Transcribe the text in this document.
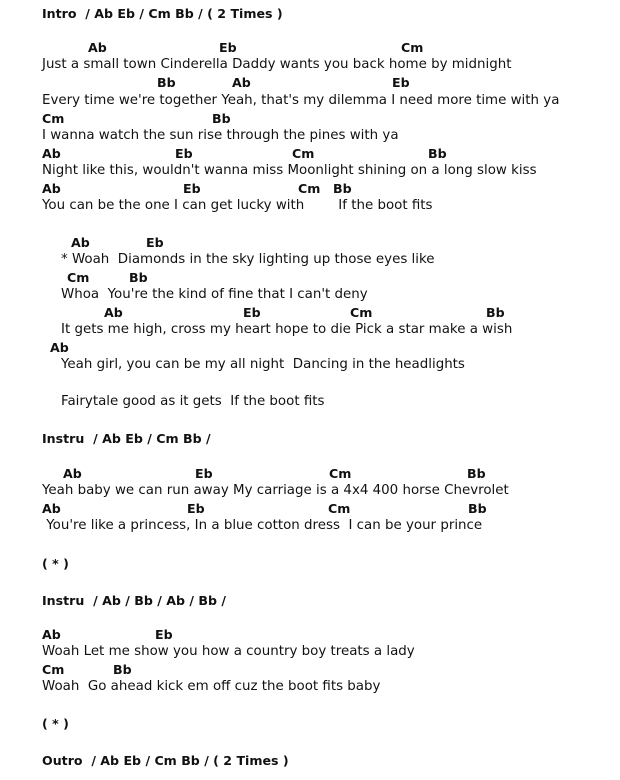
Intro  / Ab Eb / Cm Bb / ( 2 Times )
Ab	Eb	Cm
Just a small town Cinderella Daddy wants you back home by midnight
Bb	Ab	Eb
Every time we're together Yeah, that's my dilemma I need more time with ya
Cm	Bb
I wanna watch the sun rise through the pines with ya
Ab	Eb	Cm	Bb
Night like this, wouldn't wanna miss Moonlight shining on a long slow kiss
Ab	Eb	Cm Bb
You can be the one I can get lucky with        If the boot fits
Ab	Eb
* Woah  Diamonds in the sky lighting up those eyes like
Cm	Bb
Whoa  You're the kind of fine that I can't deny
Ab	Eb	Cm	Bb
It gets me high, cross my heart hope to die Pick a star make a wish
Ab
Yeah girl, you can be my all night  Dancing in the headlights
Fairytale good as it gets  If the boot fits
Instru  / Ab Eb / Cm Bb /
Ab	Eb	Cm	Bb
Yeah baby we can run away My carriage is a 4x4 400 horse Chevrolet
Ab	Eb	Cm	Bb
You're like a princess, In a blue cotton dress  I can be your prince
( * )
Instru  / Ab / Bb / Ab / Bb /
Ab	Eb
Woah Let me show you how a country boy treats a lady
Cm	Bb
Woah  Go ahead kick em off cuz the boot fits baby
( * )
Outro  / Ab Eb / Cm Bb / ( 2 Times )
